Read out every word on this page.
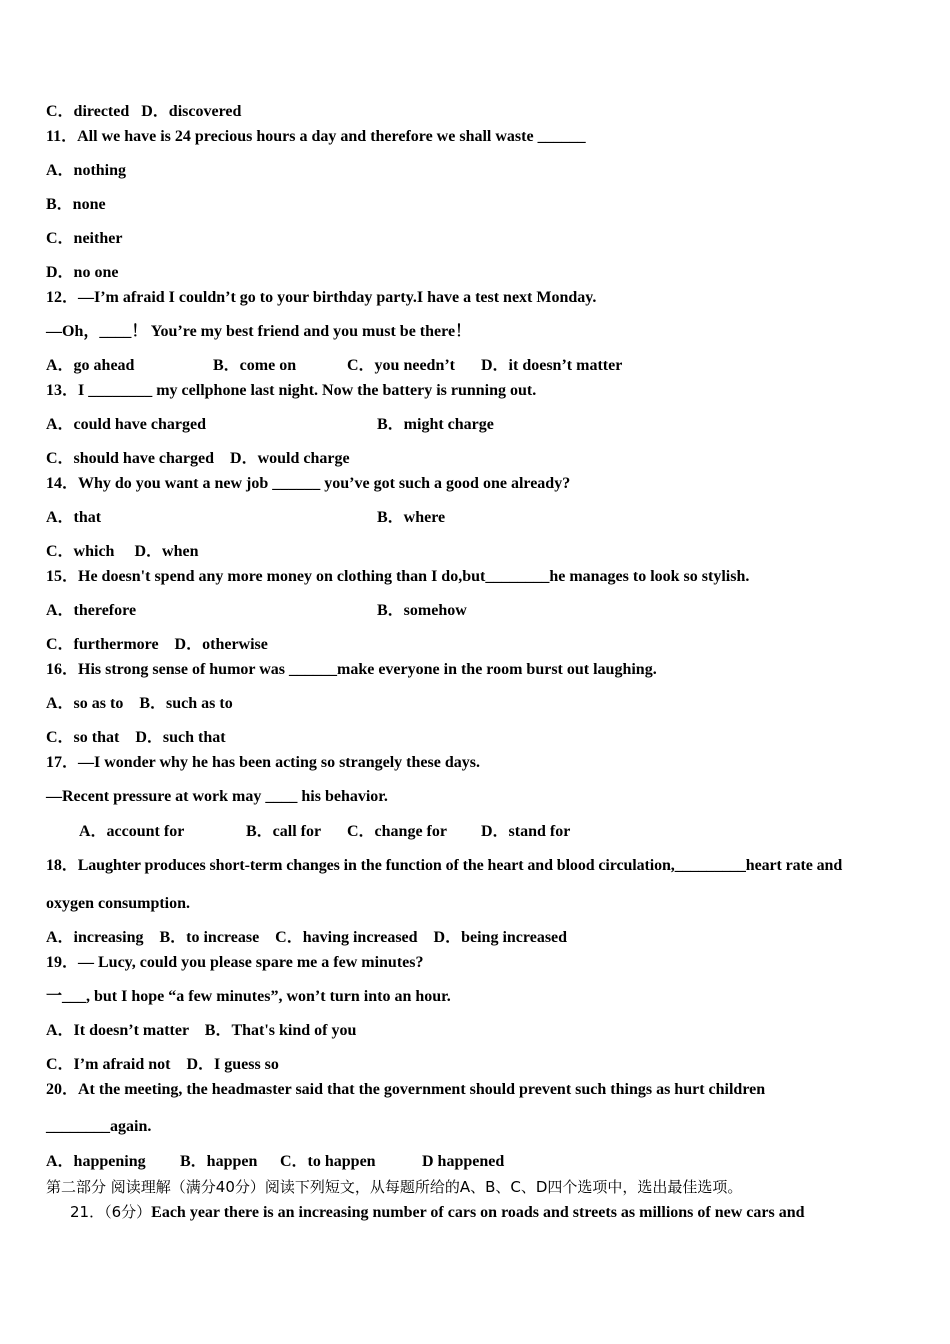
C．directed   D．discovered
11．All we have is 24 precious hours a day and therefore we shall waste ______
A．nothing
B．none
C．neither
D．no one
12．—I’m afraid I couldn’t go to your birthday party.I have a test next Monday.
—Oh，____！ You’re my best friend and you must be there！
A．go ahead	B．come on	C．you needn’t D．it doesn’t matter
13．I ________ my cellphone last night. Now the battery is running out.
A．could have charged	B．might charge
C．should have charged    D．would charge
14．Why do you want a new job ______ you’ve got such a good one already?
A．that	B．where
C．which     D．when
15．He doesn't spend any more money on clothing than I do,but________he manages to look so stylish.
A．therefore	B．somehow
C．furthermore    D．otherwise
16．His strong sense of humor was ______make everyone in the room burst out laughing.
A．so as to    B．such as to
C．so that    D．such that
17．—I wonder why he has been acting so strangely these days.
—Recent pressure at work may ____ his behavior.
A．account for	B．call for C．change for D．stand for
18．Laughter produces short-term changes in the function of the heart and blood circulation,_________heart rate and
oxygen consumption.
A．increasing    B．to increase    C．having increased    D．being increased
19．— Lucy, could you please spare me a few minutes?
一___, but I hope “a few minutes”, won’t turn into an hour.
A．It doesn’t matter    B．That's kind of you
C．I’m afraid not    D．I guess so
20．At the meeting, the headmaster said that the government should prevent such things as hurt children
________again.
A．happening B．happen C．to happen	D happened
第二部分 阅读理解（满分40分）阅读下列短文，从每题所给的A、B、C、D四个选项中，选出最佳选项。
21．（6分）Each year there is an increasing number of cars on roads and streets as millions of new cars and
